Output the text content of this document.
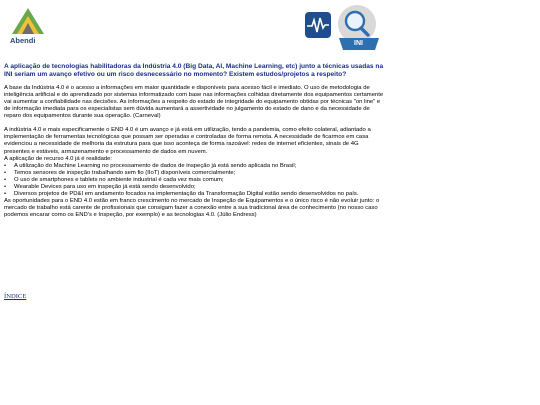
Abendi	INI
A aplicação de tecnologias habilitadoras da Indústria 4.0 (Big Data, AI, Machine Learning, etc) junto a técnicas usadas na INI seriam um avanço efetivo ou um risco desnecessário no momento? Existem estudos/projetos a respeito?

A base da Indústria 4.0 é o acesso a informações em maior quantidade e disponíveis para acesso fácil e imediato. O uso de metodologia de inteligência artificial e do aprendizado por sistemas informatizado com base nas informações colhidas diretamente dos equipamentos certamente vai aumentar a confiabilidade nas decisões. As informações a respeito do estado de integridade do equipamento obtidas por técnicas "on line" e de informação imediata para os especialistas sem dúvida aumentará a assertividade no julgamento do estado de dano e da necessidade de reparo dos equipamentos durante sua operação. (Carneval)

A indústria 4.0 e mais especificamente o END 4.0 é um avanço e já está em utilização, tendo a pandemia, como efeito colateral, adiantado a implementação de ferramentas tecnológicas que possam ser operadas e controladas de forma remota. A necessidade de ficarmos em casa evidenciou a necessidade de melhoria da estrutura para que isso aconteça de forma razoável: redes de internet eficientes, sinais de 4G presentes e estáveis, armazenamento e processamento de dados em nuvem.

A aplicação de recurso 4.0 já é realidade:

• A utilização do Machine Learning no processamento de dados de inspeção já está sendo aplicada no Brasil;
• Temos sensores de inspeção trabalhando sem fio (IIoT) disponíveis comercialmente;
• O uso de smartphones e tablets no ambiente industrial é cada vez mais comum;
• Wearable Devices para uso em inspeção já está sendo desenvolvido;
• Diversos projetos de PD&I em andamento focados na implementação da Transformação Digital estão sendo desenvolvidos no país.

As oportunidades para o END 4.0 estão em franco crescimento no mercado de Inspeção de Equipamentos e o único risco é não evoluir junto: o mercado de trabalho está carente de profissionais que consigam fazer a conexão entre a sua tradicional área de conhecimento (no nosso caso podemos encarar como os END's e Inspeção, por exemplo) e as tecnologias 4.0. (Júlio Endress)

ÍNDICE
